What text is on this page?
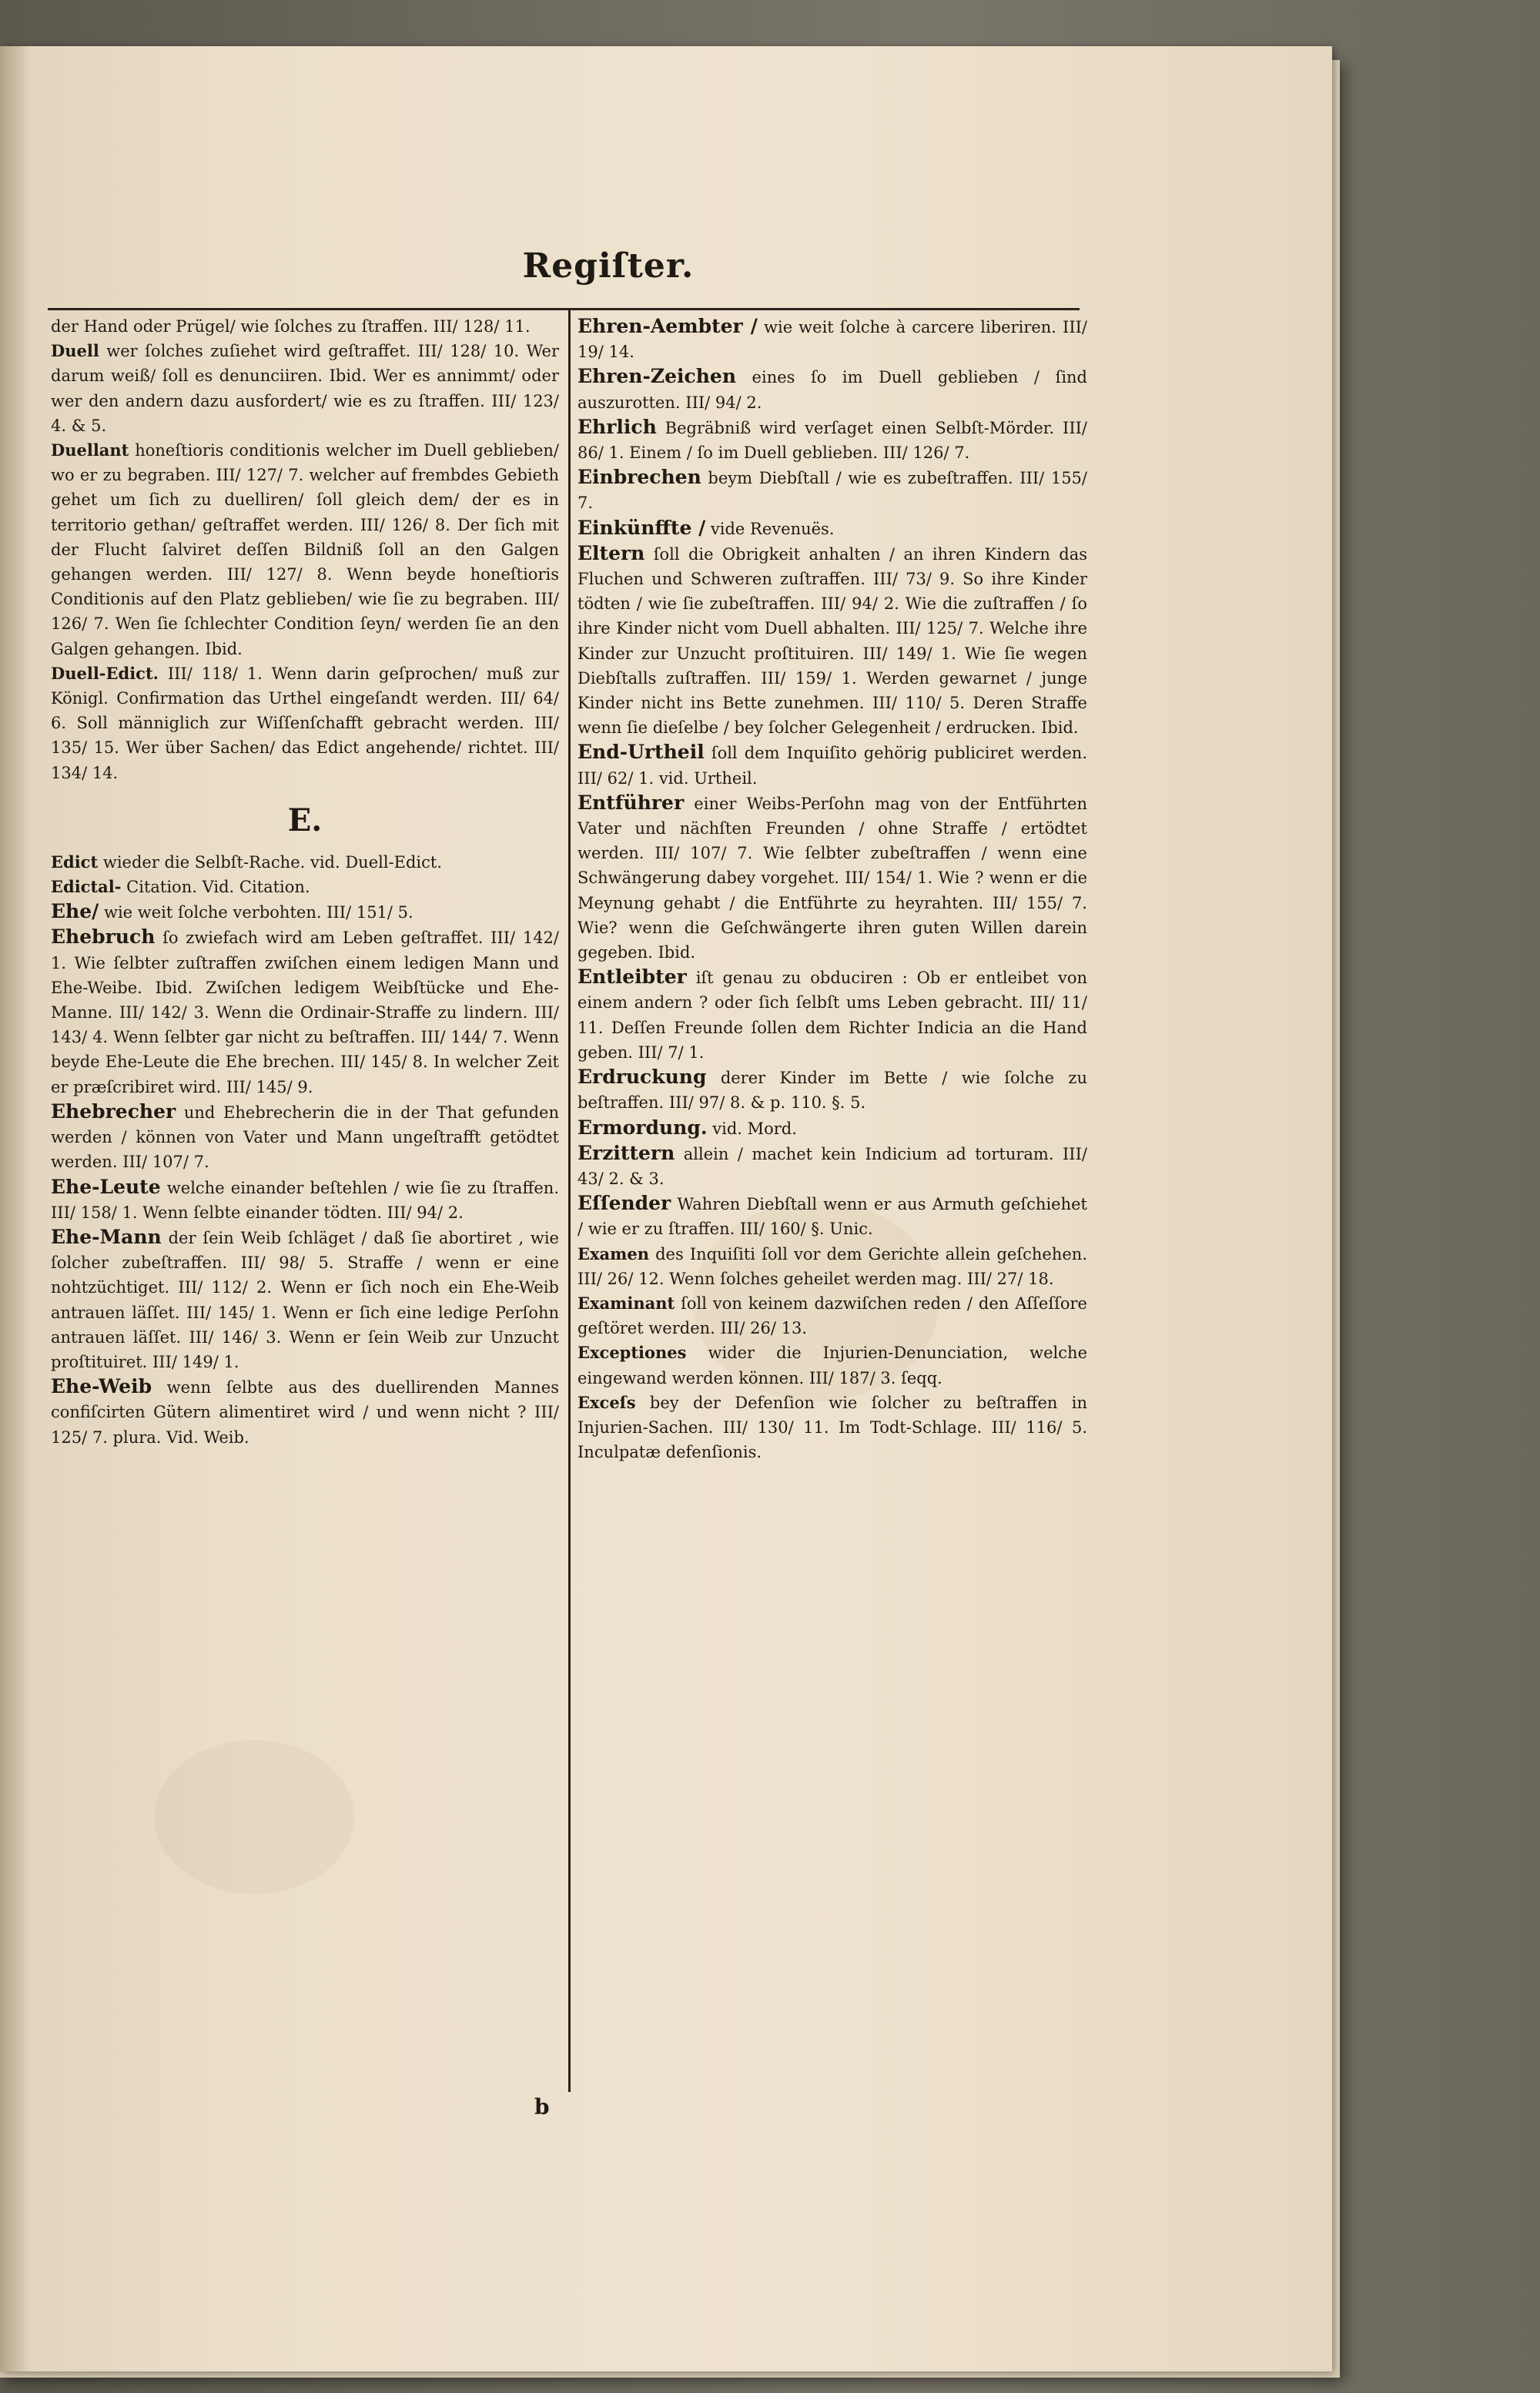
Regiſter.

der Hand oder Prügel/ wie ſolches zu ſtraffen. III/ 128/ 11.

Duell wer ſolches zuſiehet wird geſtraffet. III/ 128/ 10. Wer darum weiß/ ſoll es denunciiren. Ibid. Wer es annimmt/ oder wer den andern dazu ausfordert/ wie es zu ſtraffen. III/ 123/ 4. & 5.

Duellant honeſtioris conditionis welcher im Duell geblieben/ wo er zu begraben. III/ 127/ 7. welcher auf frembdes Gebieth gehet um ſich zu duelliren/ ſoll gleich dem/ der es in territorio gethan/ geſtraffet werden. III/ 126/ 8. Der ſich mit der Flucht ſalviret deſſen Bildniß ſoll an den Galgen gehangen werden. III/ 127/ 8. Wenn beyde honeſtioris Conditionis auf den Platz geblieben/ wie ſie zu begraben. III/ 126/ 7. Wen ſie ſchlechter Condition ſeyn/ werden ſie an den Galgen gehangen. Ibid.

Duell-Edict. III/ 118/ 1. Wenn darin geſprochen/ muß zur Königl. Confirmation das Urthel eingeſandt werden. III/ 64/ 6. Soll männiglich zur Wiſſenſchafft gebracht werden. III/ 135/ 15. Wer über Sachen/ das Edict angehende/ richtet. III/ 134/ 14.

E.

Edict wieder die Selbſt-Rache. vid. Duell-Edict.

Edictal- Citation. Vid. Citation.

Ehe/ wie weit ſolche verbohten. III/ 151/ 5.

Ehebruch ſo zwiefach wird am Leben geſtraffet. III/ 142/ 1. Wie ſelbter zuſtraffen zwiſchen einem ledigen Mann und Ehe-Weibe. Ibid. Zwiſchen ledigem Weibſtücke und Ehe-Manne. III/ 142/ 3. Wenn die Ordinair-Straffe zu lindern. III/ 143/ 4. Wenn ſelbter gar nicht zu beſtraffen. III/ 144/ 7. Wenn beyde Ehe-Leute die Ehe brechen. III/ 145/ 8. In welcher Zeit er præſcribiret wird. III/ 145/ 9.

Ehebrecher und Ehebrecherin die in der That gefunden werden / können von Vater und Mann ungeſtrafft getödtet werden. III/ 107/ 7.

Ehe-Leute welche einander beſtehlen / wie ſie zu ſtraffen. III/ 158/ 1. Wenn ſelbte einander tödten. III/ 94/ 2.

Ehe-Mann der ſein Weib ſchläget / daß ſie abortiret , wie ſolcher zubeſtraffen. III/ 98/ 5. Straffe / wenn er eine nohtzüchtiget. III/ 112/ 2. Wenn er ſich noch ein Ehe-Weib antrauen läſſet. III/ 145/ 1. Wenn er ſich eine ledige Perſohn antrauen läſſet. III/ 146/ 3. Wenn er ſein Weib zur Unzucht proſtituiret. III/ 149/ 1.

Ehe-Weib wenn ſelbte aus des duellirenden Mannes confiſcirten Gütern alimentiret wird / und wenn nicht ? III/ 125/ 7. plura. Vid. Weib.

Ehren-Aembter / wie weit ſolche à carcere liberiren. III/ 19/ 14.

Ehren-Zeichen eines ſo im Duell geblieben / ſind auszurotten. III/ 94/ 2.

Ehrlich Begräbniß wird verſaget einen Selbſt-Mörder. III/ 86/ 1. Einem / ſo im Duell geblieben. III/ 126/ 7.

Einbrechen beym Diebſtall / wie es zubeſtraffen. III/ 155/ 7.

Einkünffte / vide Revenuës.

Eltern ſoll die Obrigkeit anhalten / an ihren Kindern das Fluchen und Schweren zuſtraffen. III/ 73/ 9. So ihre Kinder tödten / wie ſie zubeſtraffen. III/ 94/ 2. Wie die zuſtraffen / ſo ihre Kinder nicht vom Duell abhalten. III/ 125/ 7. Welche ihre Kinder zur Unzucht proſtituiren. III/ 149/ 1. Wie ſie wegen Diebſtalls zuſtraffen. III/ 159/ 1. Werden gewarnet / junge Kinder nicht ins Bette zunehmen. III/ 110/ 5. Deren Straffe wenn ſie dieſelbe / bey ſolcher Gelegenheit / erdrucken. Ibid.

End-Urtheil ſoll dem Inquiſito gehörig publiciret werden. III/ 62/ 1. vid. Urtheil.

Entführer einer Weibs-Perſohn mag von der Entführten Vater und nächſten Freunden / ohne Straffe / ertödtet werden. III/ 107/ 7. Wie ſelbter zubeſtraffen / wenn eine Schwängerung dabey vorgehet. III/ 154/ 1. Wie ? wenn er die Meynung gehabt / die Entführte zu heyrahten. III/ 155/ 7. Wie? wenn die Geſchwängerte ihren guten Willen darein gegeben. Ibid.

Entleibter iſt genau zu obduciren : Ob er entleibet von einem andern ? oder ſich ſelbſt ums Leben gebracht. III/ 11/ 11. Deſſen Freunde ſollen dem Richter Indicia an die Hand geben. III/ 7/ 1.

Erdruckung derer Kinder im Bette / wie ſolche zu beſtraffen. III/ 97/ 8. & p. 110. §. 5.

Ermordung. vid. Mord.

Erzittern allein / machet kein Indicium ad torturam. III/ 43/ 2. & 3.

Eſſender Wahren Diebſtall wenn er aus Armuth geſchiehet / wie er zu ſtraffen. III/ 160/ §. Unic.

Examen des Inquiſiti ſoll vor dem Gerichte allein geſchehen. III/ 26/ 12. Wenn ſolches geheilet werden mag. III/ 27/ 18.

Examinant ſoll von keinem dazwiſchen reden / den Aſſeſſore geſtöret werden. III/ 26/ 13.

Exceptiones wider die Injurien-Denunciation, welche eingewand werden können. III/ 187/ 3. ſeqq.

Exceſs bey der Defenſion wie ſolcher zu beſtraffen in Injurien-Sachen. III/ 130/ 11. Im Todt-Schlage. III/ 116/ 5. Inculpatæ defenſionis.

b
